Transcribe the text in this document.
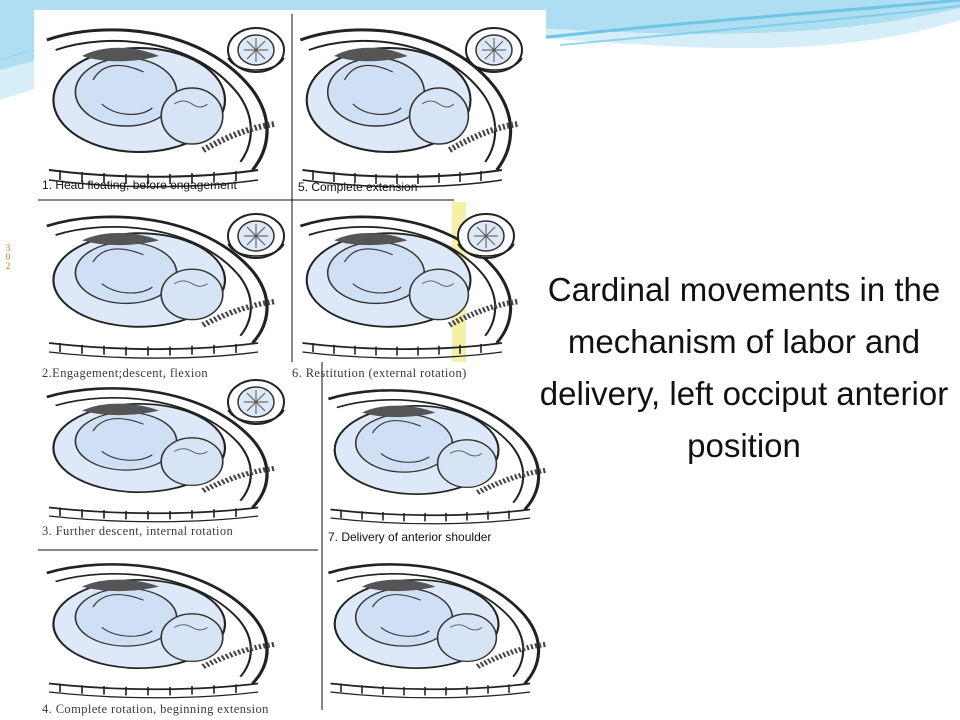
302
1. Head floating, before engagement	5. Complete extension
2.Engagement;descent, flexion	6. Restitution (external rotation)
3. Further descent, internal rotation	7. Delivery of anterior shoulder
4. Complete rotation, beginning extension
Cardinal movements in the mechanism of labor and delivery, left occiput anterior position
